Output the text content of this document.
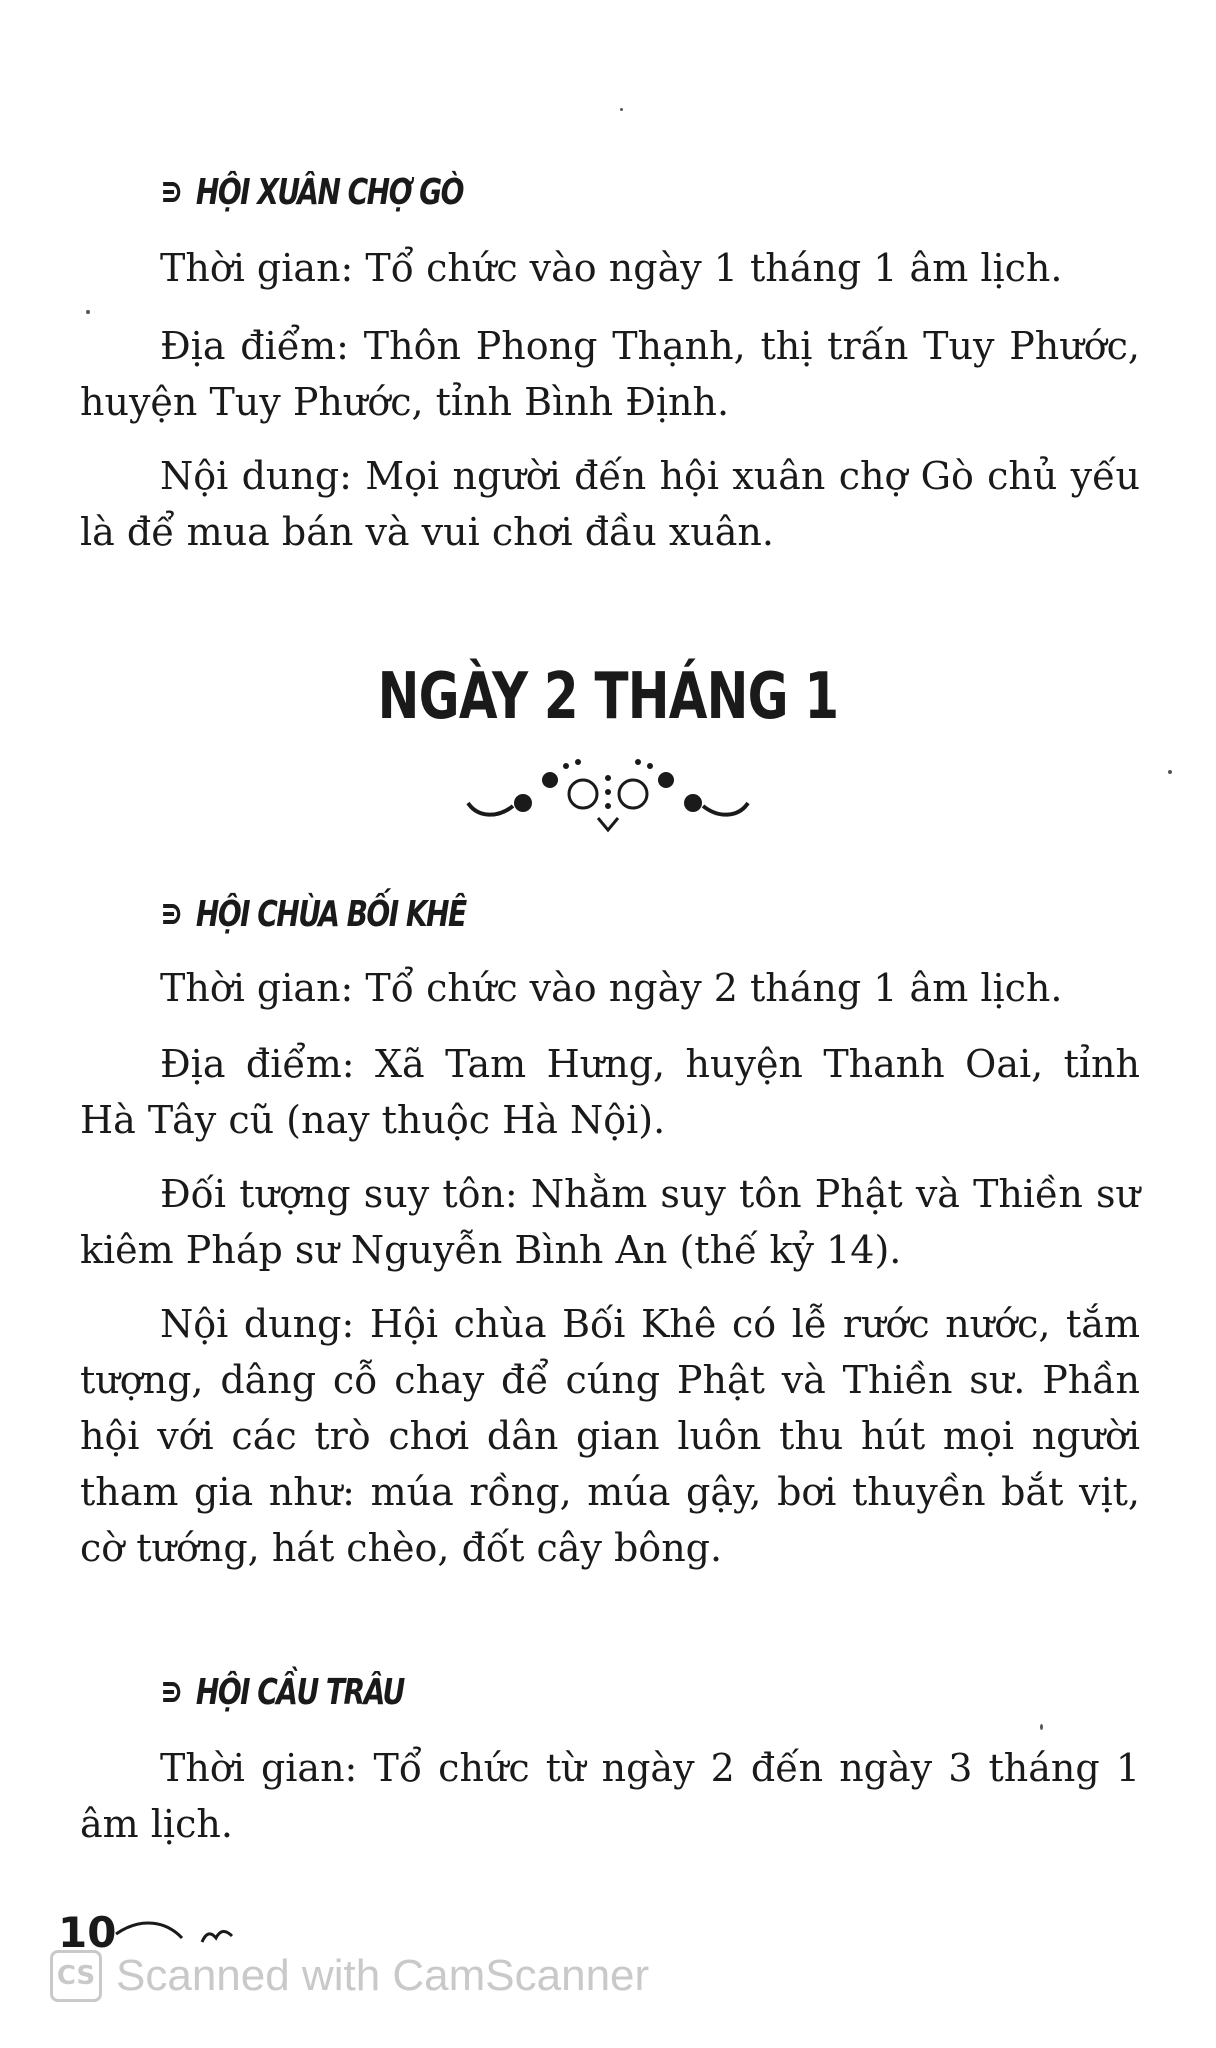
HỘI XUÂN CHỢ GÒ

Thời gian: Tổ chức vào ngày 1 tháng 1 âm lịch.

Địa điểm: Thôn Phong Thạnh, thị trấn Tuy Phước, huyện Tuy Phước, tỉnh Bình Định.

Nội dung: Mọi người đến hội xuân chợ Gò chủ yếu là để mua bán và vui chơi đầu xuân.

NGÀY 2 THÁNG 1
HỘI CHÙA BỐI KHÊ

Thời gian: Tổ chức vào ngày 2 tháng 1 âm lịch.

Địa điểm: Xã Tam Hưng, huyện Thanh Oai, tỉnh Hà Tây cũ (nay thuộc Hà Nội).

Đối tượng suy tôn: Nhằm suy tôn Phật và Thiền sư kiêm Pháp sư Nguyễn Bình An (thế kỷ 14).

Nội dung: Hội chùa Bối Khê có lễ rước nước, tắm tượng, dâng cỗ chay để cúng Phật và Thiền sư. Phần hội với các trò chơi dân gian luôn thu hút mọi người tham gia như: múa rồng, múa gậy, bơi thuyền bắt vịt, cờ tướng, hát chèo, đốt cây bông.

HỘI CẦU TRÂU

Thời gian: Tổ chức từ ngày 2 đến ngày 3 tháng 1 âm lịch.

10
CS Scanned with CamScanner
